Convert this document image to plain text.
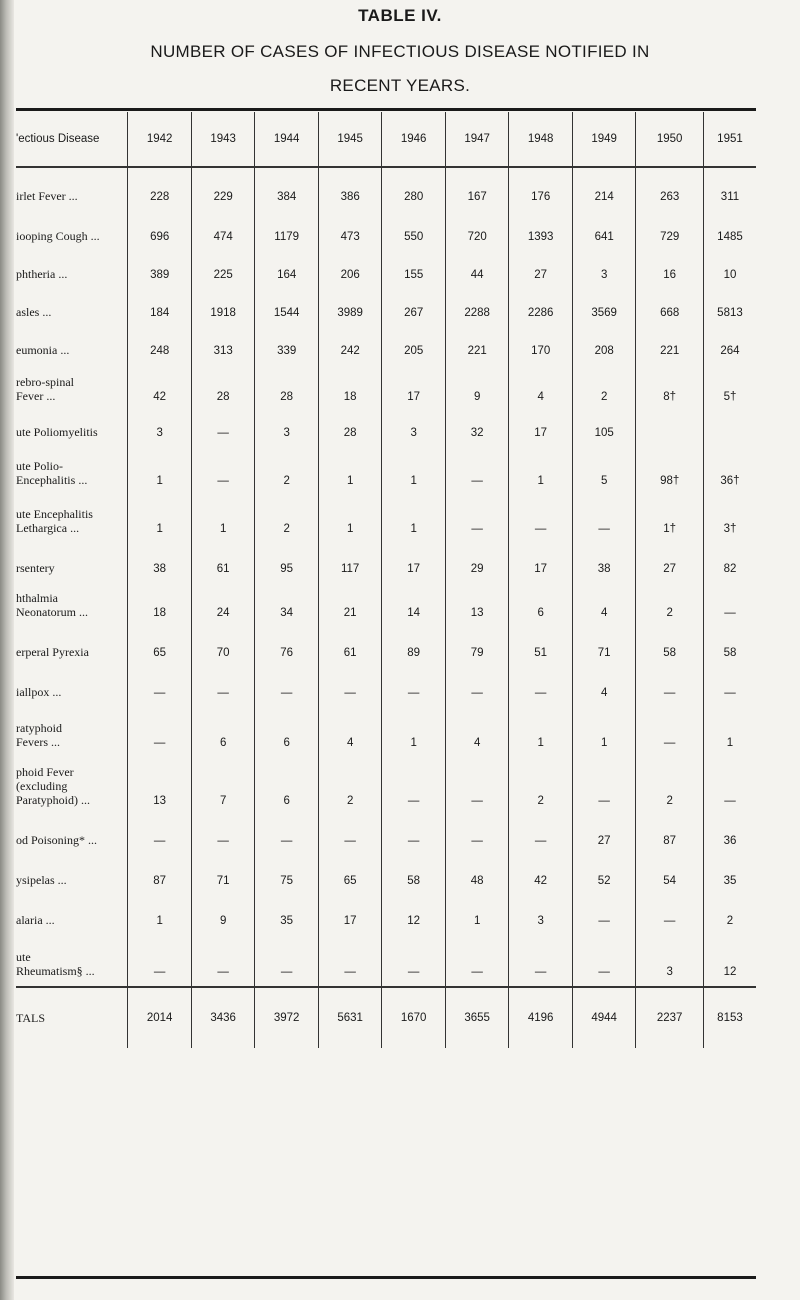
TABLE IV.
NUMBER OF CASES OF INFECTIOUS DISEASE NOTIFIED IN
RECENT YEARS.
'ectious Disease	1942	1943	1944	1945	1946	1947	1948	1949	1950	1951
irlet Fever ...	228	229	384	386	280	167	176	214	263	311
iooping Cough ...	696	474	1179	473	550	720	1393	641	729	1485
phtheria ...	389	225	164	206	155	44	27	3	16	10
asles ...	184	1918	1544	3989	267	2288	2286	3569	668	5813
eumonia ...	248	313	339	242	205	221	170	208	221	264
rebro-spinal
Fever ...	42	28	28	18	17	9	4	2	8†	5†
ute Poliomyelitis	3	—	3	28	3	32	17	105		
ute Polio-
Encephalitis ...	1	—	2	1	1	—	1	5	98†	36†
ute Encephalitis
Lethargica ...	1	1	2	1	1	—	—	—	1†	3†
rsentery	38	61	95	117	17	29	17	38	27	82
hthalmia
Neonatorum ...	18	24	34	21	14	13	6	4	2	—
erperal Pyrexia	65	70	76	61	89	79	51	71	58	58
iallpox ...	—	—	—	—	—	—	—	4	—	—
ratyphoid
Fevers ...	—	6	6	4	1	4	1	1	—	1
phoid Fever
(excluding
Paratyphoid) ...	13	7	6	2	—	—	2	—	2	—
od Poisoning* ...	—	—	—	—	—	—	—	27	87	36
ysipelas ...	87	71	75	65	58	48	42	52	54	35
alaria ...	1	9	35	17	12	1	3	—	—	2
ute
Rheumatism§ ...	—	—	—	—	—	—	—	—	3	12
TALS	2014	3436	3972	5631	1670	3655	4196	4944	2237	8153
